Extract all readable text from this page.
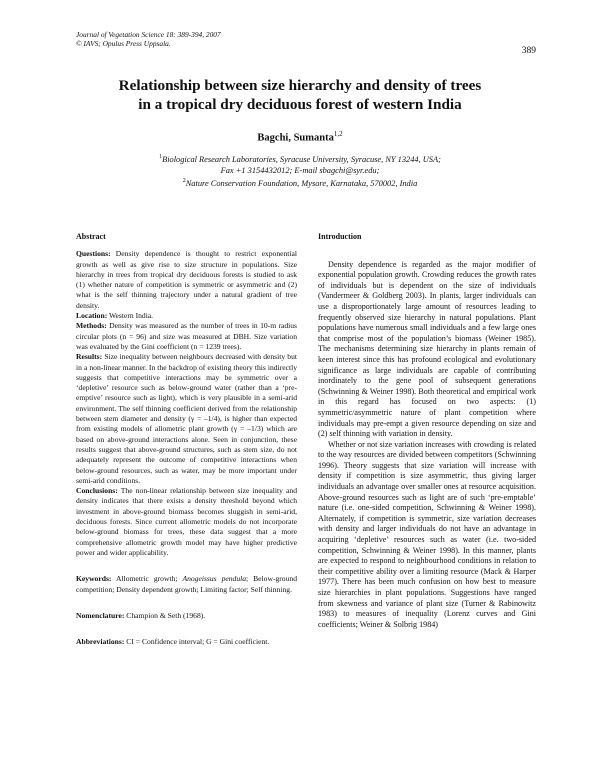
Journal of Vegetation Science 18: 389-394, 2007
© IAVS; Opulus Press Uppsala.
389
Relationship between size hierarchy and density of trees
in a tropical dry deciduous forest of western India
Bagchi, Sumanta$^{1,2}$
$^1$Biological Research Laboratories, Syracuse University, Syracuse, NY 13244, USA;
Fax +1 3154432012; E-mail sbagchi@syr.edu;
$^2$Nature Conservation Foundation, Mysore, Karnataka, 570002, India
Abstract

Questions: Density dependence is thought to restrict exponential growth as well as give rise to size structure in populations. Size hierarchy in trees from tropical dry deciduous forests is studied to ask (1) whether nature of competition is symmetric or asymmetric and (2) what is the self thinning trajectory under a natural gradient of tree density.

Location: Western India.

Methods: Density was measured as the number of trees in 10-m radius circular plots (n = 96) and size was measured at DBH. Size variation was evaluated by the Gini coefficient (n = 1239 trees).

Results: Size inequality between neighbours decreased with density but in a non-linear manner. In the backdrop of existing theory this indirectly suggests that competitive interactions may be symmetric over a ‘depletive’ resource such as below-ground water (rather than a ‘pre-emptive’ resource such as light), which is very plausible in a semi-arid environment. The self thinning coefficient derived from the relationship between stem diameter and density (γ = –1/4), is higher than expected from existing models of allometric plant growth (γ = –1/3) which are based on above-ground interactions alone. Seen in conjunction, these results suggest that above-ground structures, such as stem size, do not adequately represent the outcome of competitive interactions when below-ground resources, such as water, may be more important under semi-arid conditions.

Conclusions: The non-linear relationship between size inequality and density indicates that there exists a density threshold beyond which investment in above-ground biomass becomes sluggish in semi-arid, deciduous forests. Since current allometric models do not incorporate below-ground biomass for trees, these data suggest that a more comprehensive allometric growth model may have higher predictive power and wider applicability.

Keywords: Allometric growth; Anogeissus pendula; Below-ground competition; Density dependent growth; Limiting factor; Self thinning.

Nomenclature: Champion & Seth (1968).

Abbreviations: CI = Confidence interval; G = Gini coefficient.

Introduction

Density dependence is regarded as the major modifier of exponential population growth. Crowding reduces the growth rates of individuals but is dependent on the size of individuals (Vandermeer & Goldberg 2003). In plants, larger individuals can use a disproportionately large amount of resources leading to frequently observed size hierarchy in natural populations. Plant populations have numerous small individuals and a few large ones that comprise most of the population’s biomass (Weiner 1985). The mechanisms determining size hierarchy in plants remain of keen interest since this has profound ecological and evolutionary significance as large individuals are capable of contributing inordinately to the gene pool of subsequent generations (Schwinning & Weiner 1998). Both theoretical and empirical work in this regard has focused on two aspects: (1) symmetric/asymmetric nature of plant competition where individuals may pre-empt a given resource depending on size and (2) self thinning with variation in density.

Whether or not size variation increases with crowding is related to the way resources are divided between competitors (Schwinning 1996). Theory suggests that size variation will increase with density if competition is size asymmetric, thus giving larger individuals an advantage over smaller ones at resource acquisition. Above-ground resources such as light are of such ‘pre-emptable’ nature (i.e. one-sided competition, Schwinning & Weiner 1998). Alternately, if competition is symmetric, size variation decreases with density and larger individuals do not have an advantage in acquiring ‘depletive’ resources such as water (i.e. two-sided competition, Schwinning & Weiner 1998). In this manner, plants are expected to respond to neighbourhood conditions in relation to their competitive ability over a limiting resource (Mack & Harper 1977). There has been much confusion on how best to measure size hierarchies in plant populations. Suggestions have ranged from skewness and variance of plant size (Turner & Rabinowitz 1983) to measures of inequality (Lorenz curves and Gini coefficients; Weiner & Solbrig 1984)
